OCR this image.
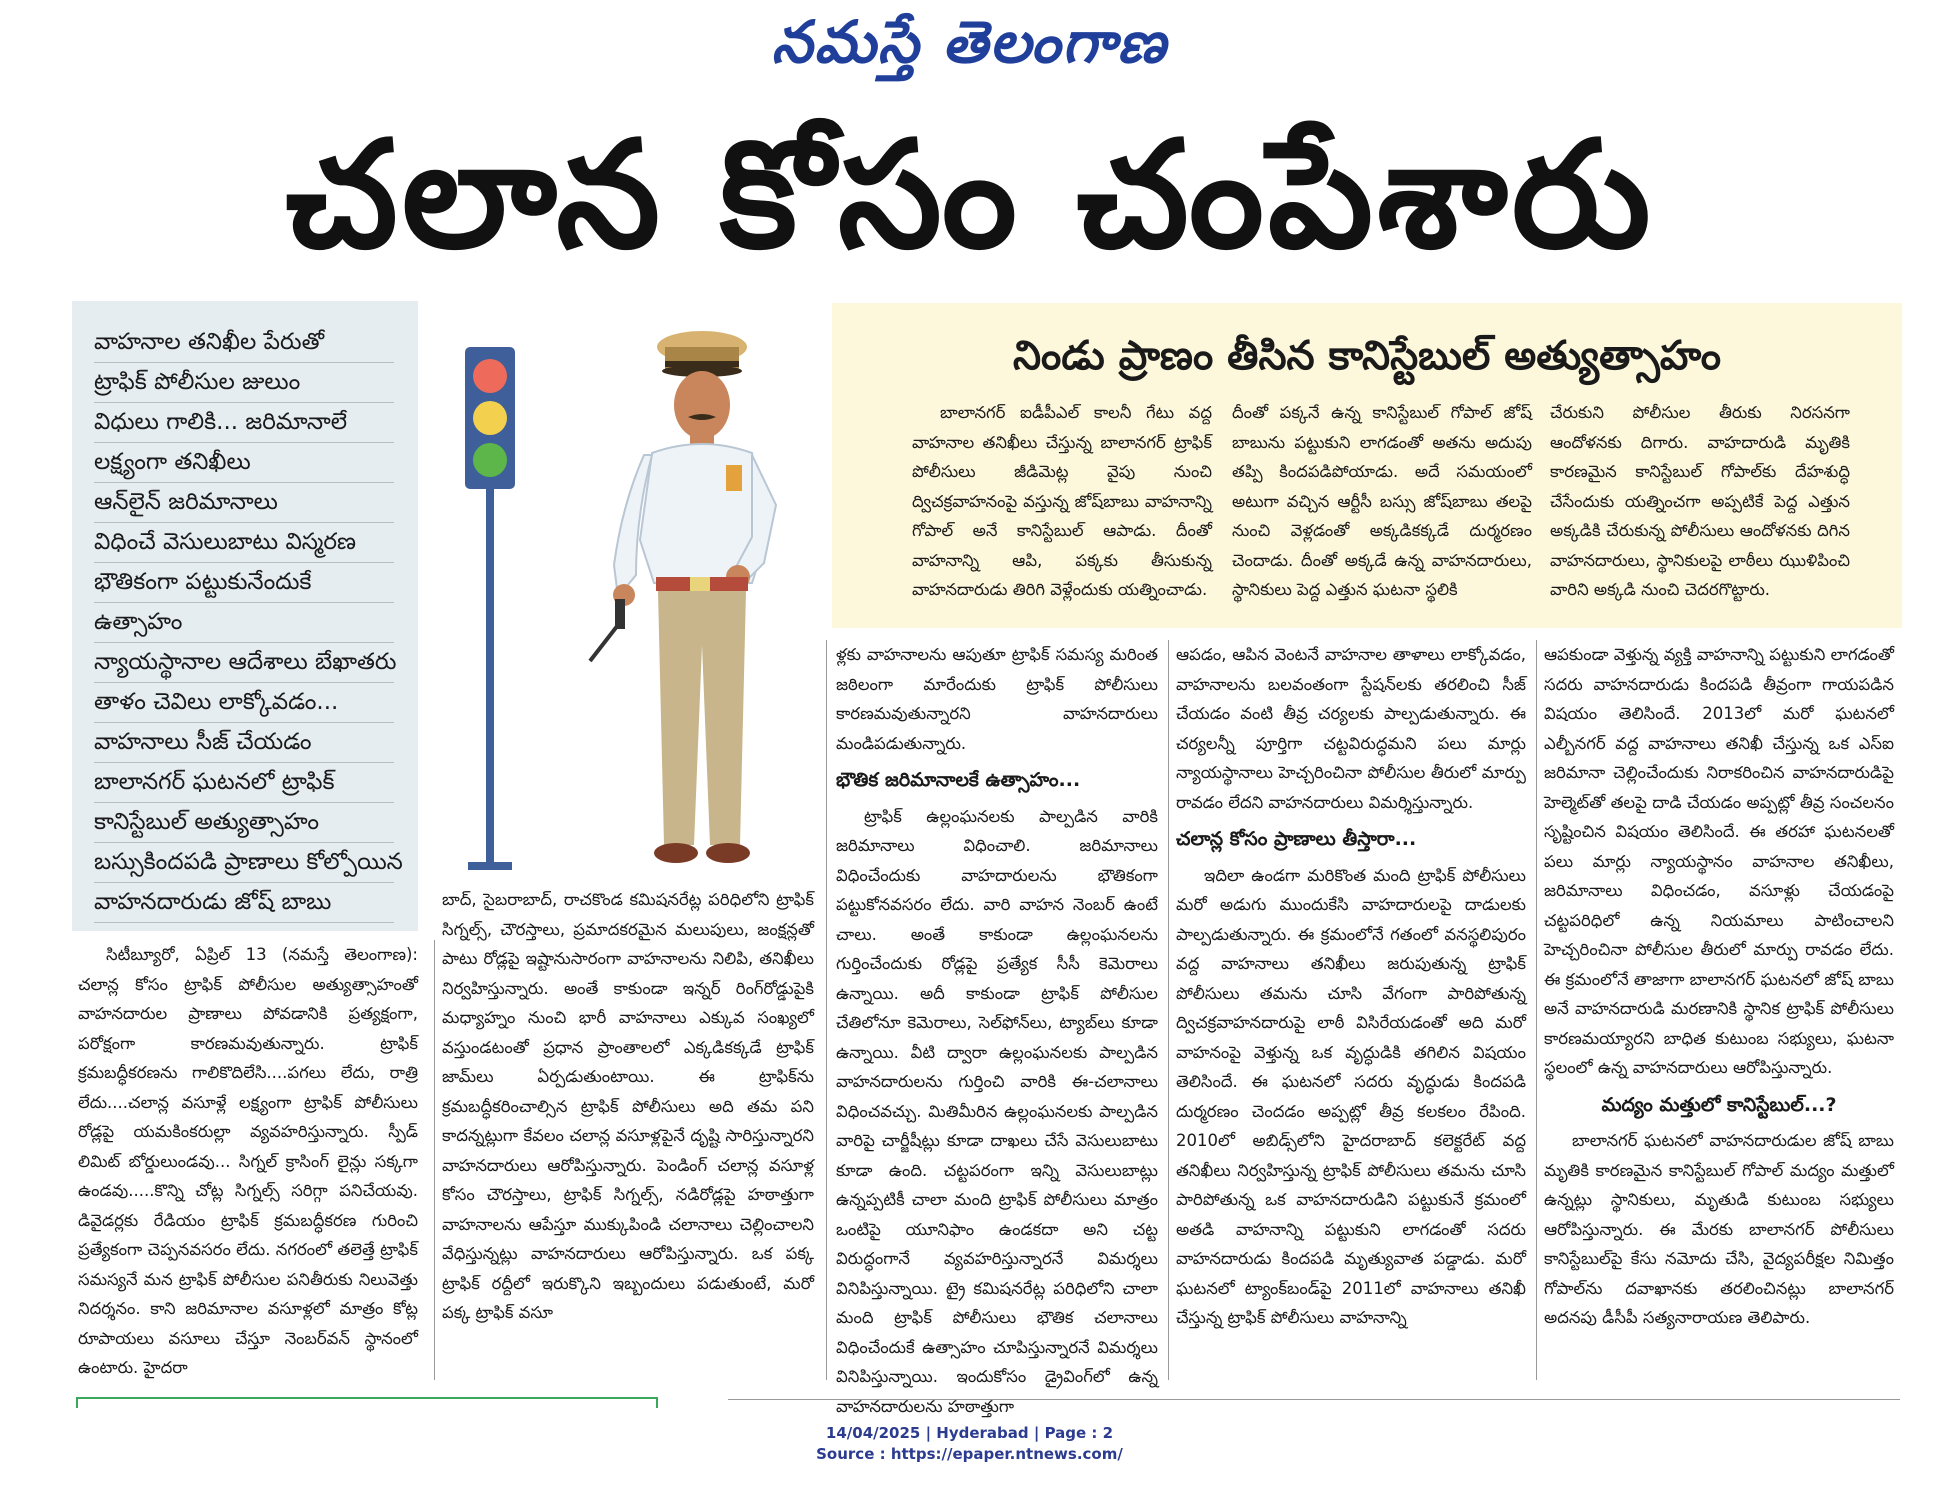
నమస్తే తెలంగాణ
చలాన కోసం చంపేశారు
వాహనాల తనిఖీల పేరుతో
ట్రాఫిక్ పోలీసుల జులుం
విధులు గాలికి... జరిమానాలే
లక్ష్యంగా తనిఖీలు
ఆన్‌లైన్ జరిమానాలు
విధించే వెసులుబాటు విస్మరణ
భౌతికంగా పట్టుకునేందుకే
ఉత్సాహం
న్యాయస్థానాల ఆదేశాలు బేఖాతరు
తాళం చెవిలు లాక్కోవడం...
వాహనాలు సీజ్ చేయడం
బాలానగర్ ఘటనలో ట్రాఫిక్
కానిస్టేబుల్ అత్యుత్సాహం
బస్సుకిందపడి ప్రాణాలు కోల్పోయిన
వాహనదారుడు జోష్ బాబు
నిండు ప్రాణం తీసిన కానిస్టేబుల్ అత్యుత్సాహం

బాలానగర్ ఐడీపీఎల్ కాలనీ గేటు వద్ద వాహనాల తనిఖీలు చేస్తున్న బాలానగర్ ట్రాఫిక్ పోలీసులు జీడిమెట్ల వైపు నుంచి ద్విచక్రవాహనంపై వస్తున్న జోష్‌బాబు వాహనాన్ని గోపాల్ అనే కానిస్టేబుల్ ఆపాడు. దీంతో వాహనాన్ని ఆపి, పక్కకు తీసుకున్న వాహనదారుడు తిరిగి వెళ్లేందుకు యత్నించాడు.

దీంతో పక్కనే ఉన్న కానిస్టేబుల్ గోపాల్ జోష్ బాబును పట్టుకుని లాగడంతో అతను అదుపు తప్పి కిందపడిపోయాడు. అదే సమయంలో అటుగా వచ్చిన ఆర్టీసీ బస్సు జోష్‌బాబు తలపై నుంచి వెళ్లడంతో అక్కడికక్కడే దుర్మరణం చెందాడు. దీంతో అక్కడే ఉన్న వాహనదారులు, స్థానికులు పెద్ద ఎత్తున ఘటనా స్థలికి

చేరుకుని పోలీసుల తీరుకు నిరసనగా ఆందోళనకు దిగారు. వాహదారుడి మృతికి కారణమైన కానిస్టేబుల్ గోపాల్‌కు దేహశుద్ధి చేసేందుకు యత్నించగా అప్పటికే పెద్ద ఎత్తున అక్కడికి చేరుకున్న పోలీసులు ఆందోళనకు దిగిన వాహనదారులు, స్థానికులపై లాఠీలు ఝుళిపించి వారిని అక్కడి నుంచి చెదరగొట్టారు.

సిటీబ్యూరో, ఏప్రిల్ 13 (నమస్తే తెలంగాణ): చలాన్ల కోసం ట్రాఫిక్ పోలీసుల అత్యుత్సాహంతో వాహనదారుల ప్రాణాలు పోవడానికి ప్రత్యక్షంగా, పరోక్షంగా కారణమవుతున్నారు. ట్రాఫిక్ క్రమబద్ధీకరణను గాలికొదిలేసి....పగలు లేదు, రాత్రి లేదు....చలాన్ల వసూళ్లే లక్ష్యంగా ట్రాఫిక్ పోలీసులు రోడ్లపై యమకింకరుల్లా వ్యవహరిస్తున్నారు. స్పీడ్ లిమిట్ బోర్డులుండవు... సిగ్నల్ క్రాసింగ్ లైన్లు సక్కగా ఉండవు.....కొన్ని చోట్ల సిగ్నల్స్ సరిగ్గా పనిచేయవు. డివైడర్లకు రేడియం ట్రాఫిక్ క్రమబద్ధీకరణ గురించి ప్రత్యేకంగా చెప్పనవసరం లేదు. నగరంలో తలెత్తే ట్రాఫిక్ సమస్యనే మన ట్రాఫిక్ పోలీసుల పనితీరుకు నిలువెత్తు నిదర్శనం. కాని జరిమానాల వసూళ్లలో మాత్రం కోట్ల రూపాయలు వసూలు చేస్తూ నెంబర్‌వన్ స్థానంలో ఉంటారు. హైదరా

బాద్, సైబరాబాద్, రాచకొండ కమిషనరేట్ల పరిధిలోని ట్రాఫిక్ సిగ్నల్స్, చౌరస్తాలు, ప్రమాదకరమైన మలుపులు, జంక్షన్లతో పాటు రోడ్లపై ఇష్టానుసారంగా వాహనాలను నిలిపి, తనిఖీలు నిర్వహిస్తున్నారు. అంతే కాకుండా ఇన్నర్ రింగ్‌రోడ్డుపైకి మధ్యాహ్నం నుంచి భారీ వాహనాలు ఎక్కువ సంఖ్యలో వస్తుండటంతో ప్రధాన ప్రాంతాలలో ఎక్కడికక్కడే ట్రాఫిక్ జామ్‌లు ఏర్పడుతుంటాయి. ఈ ట్రాఫిక్‌ను క్రమబద్ధీకరించాల్సిన ట్రాఫిక్ పోలీసులు అది తమ పని కాదన్నట్లుగా కేవలం చలాన్ల వసూళ్లపైనే దృష్టి సారిస్తున్నారని వాహనదారులు ఆరోపిస్తున్నారు. పెండింగ్ చలాన్ల వసూళ్ల కోసం చౌరస్తాలు, ట్రాఫిక్ సిగ్నల్స్, నడిరోడ్లపై హఠాత్తుగా వాహనాలను ఆపేస్తూ ముక్కుపిండి చలానాలు చెల్లించాలని వేధిస్తున్నట్లు వాహనదారులు ఆరోపిస్తున్నారు. ఒక పక్క ట్రాఫిక్ రద్దీలో ఇరుక్కొని ఇబ్బందులు పడుతుంటే, మరో పక్క ట్రాఫిక్ వసూ

ళ్లకు వాహనాలను ఆపుతూ ట్రాఫిక్ సమస్య మరింత జఠిలంగా మారేందుకు ట్రాఫిక్ పోలీసులు కారణమవుతున్నారని వాహనదారులు మండిపడుతున్నారు.

భౌతిక జరిమానాలకే ఉత్సాహం...

ట్రాఫిక్ ఉల్లంఘనలకు పాల్పడిన వారికి జరిమానాలు విధించాలి. జరిమానాలు విధించేందుకు వాహదారులను భౌతికంగా పట్టుకోనవసరం లేదు. వారి వాహన నెంబర్ ఉంటే చాలు. అంతే కాకుండా ఉల్లంఘనలను గుర్తించేందుకు రోడ్లపై ప్రత్యేక సీసీ కెమెరాలు ఉన్నాయి. అదీ కాకుండా ట్రాఫిక్ పోలీసుల చేతిలోనూ కెమెరాలు, సెల్‌ఫోన్‌లు, ట్యాబ్‌లు కూడా ఉన్నాయి. వీటి ద్వారా ఉల్లంఘనలకు పాల్పడిన వాహనదారులను గుర్తించి వారికి ఈ-చలానాలు విధించవచ్చు. మితిమీరిన ఉల్లంఘనలకు పాల్పడిన వారిపై చార్జీషీట్లు కూడా దాఖలు చేసే వెసులుబాటు కూడా ఉంది. చట్టపరంగా ఇన్ని వెసులుబాట్లు ఉన్నప్పటికీ చాలా మంది ట్రాఫిక్ పోలీసులు మాత్రం ఒంటిపై యూనిఫాం ఉండకదా అని చట్ట విరుద్ధంగానే వ్యవహరిస్తున్నారనే విమర్శలు వినిపిస్తున్నాయి. ట్రై కమిషనరేట్ల పరిధిలోని చాలా మంది ట్రాఫిక్ పోలీసులు భౌతిక చలానాలు విధించేందుకే ఉత్సాహం చూపిస్తున్నారనే విమర్శలు వినిపిస్తున్నాయి. ఇందుకోసం డ్రైవింగ్‌లో ఉన్న వాహనదారులను హఠాత్తుగా

ఆపడం, ఆపిన వెంటనే వాహనాల తాళాలు లాక్కోవడం, వాహనాలను బలవంతంగా స్టేషన్‌లకు తరలించి సీజ్ చేయడం వంటి తీవ్ర చర్యలకు పాల్పడుతున్నారు. ఈ చర్యలన్నీ పూర్తిగా చట్టవిరుద్ధమని పలు మార్లు న్యాయస్థానాలు హెచ్చరించినా పోలీసుల తీరులో మార్పు రావడం లేదని వాహనదారులు విమర్శిస్తున్నారు.

చలాన్ల కోసం ప్రాణాలు తీస్తారా...

ఇదిలా ఉండగా మరికొంత మంది ట్రాఫిక్ పోలీసులు మరో అడుగు ముందుకేసి వాహదారులపై దాడులకు పాల్పడుతున్నారు. ఈ క్రమంలోనే గతంలో వనస్థలిపురం వద్ద వాహనాలు తనిఖీలు జరుపుతున్న ట్రాఫిక్ పోలీసులు తమను చూసి వేగంగా పారిపోతున్న ద్విచక్రవాహనదారుపై లాఠీ విసిరేయడంతో అది మరో వాహనంపై వెళ్తున్న ఒక వృద్ధుడికి తగిలిన విషయం తెలిసిందే. ఈ ఘటనలో సదరు వృద్ధుడు కిందపడి దుర్మరణం చెందడం అప్పట్లో తీవ్ర కలకలం రేపింది. 2010లో అబిడ్స్‌లోని హైదరాబాద్ కలెక్టరేట్ వద్ద తనిఖీలు నిర్వహిస్తున్న ట్రాఫిక్ పోలీసులు తమను చూసి పారిపోతున్న ఒక వాహనదారుడిని పట్టుకునే క్రమంలో అతడి వాహనాన్ని పట్టుకుని లాగడంతో సదరు వాహనదారుడు కిందపడి మృత్యువాత పడ్డాడు. మరో ఘటనలో ట్యాంక్‌బండ్‌పై 2011లో వాహనాలు తనిఖీ చేస్తున్న ట్రాఫిక్ పోలీసులు వాహనాన్ని

ఆపకుండా వెళ్తున్న వ్యక్తి వాహనాన్ని పట్టుకుని లాగడంతో సదరు వాహనదారుడు కిందపడి తీవ్రంగా గాయపడిన విషయం తెలిసిందే. 2013లో మరో ఘటనలో ఎల్బీనగర్ వద్ద వాహనాలు తనిఖీ చేస్తున్న ఒక ఎస్ఐ జరిమానా చెల్లించేందుకు నిరాకరించిన వాహనదారుడిపై హెల్మెట్‌తో తలపై దాడి చేయడం అప్పట్లో తీవ్ర సంచలనం సృష్టించిన విషయం తెలిసిందే. ఈ తరహా ఘటనలతో పలు మార్లు న్యాయస్థానం వాహనాల తనిఖీలు, జరిమానాలు విధించడం, వసూళ్లు చేయడంపై చట్టపరిధిలో ఉన్న నియమాలు పాటించాలని హెచ్చరించినా పోలీసుల తీరులో మార్పు రావడం లేదు. ఈ క్రమంలోనే తాజాగా బాలానగర్ ఘటనలో జోష్ బాబు అనే వాహనదారుడి మరణానికి స్థానిక ట్రాఫిక్ పోలీసులు కారణమయ్యారని బాధిత కుటుంబ సభ్యులు, ఘటనా స్థలంలో ఉన్న వాహనదారులు ఆరోపిస్తున్నారు.

మద్యం మత్తులో కానిస్టేబుల్...?

బాలానగర్ ఘటనలో వాహనదారుడుల జోష్ బాబు మృతికి కారణమైన కానిస్టేబుల్ గోపాల్ మద్యం మత్తులో ఉన్నట్లు స్థానికులు, మృతుడి కుటుంబ సభ్యులు ఆరోపిస్తున్నారు. ఈ మేరకు బాలానగర్ పోలీసులు కానిస్టేబుల్‌పై కేసు నమోదు చేసి, వైద్యపరీక్షల నిమిత్తం గోపాల్‌ను దవాఖానకు తరలించినట్లు బాలానగర్ అదనపు డీసీపీ సత్యనారాయణ తెలిపారు.

14/04/2025 | Hyderabad | Page : 2
Source : https://epaper.ntnews.com/
